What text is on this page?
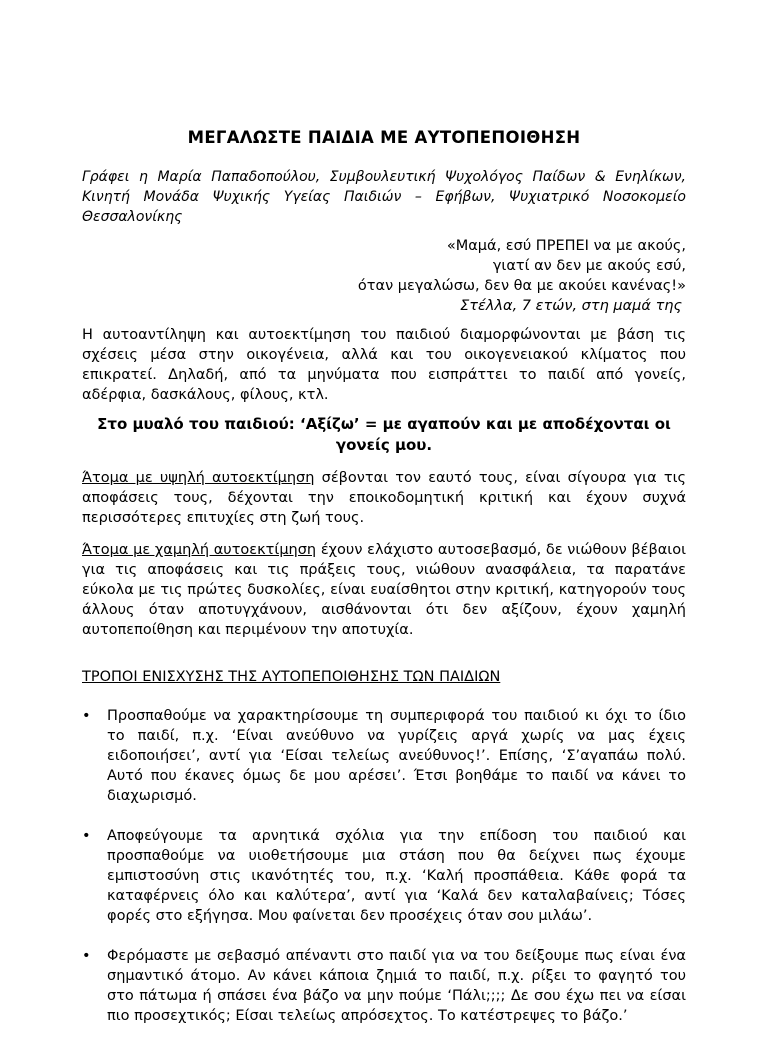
ΜΕΓΑΛΩΣΤΕ ΠΑΙΔΙΑ ΜΕ ΑΥΤΟΠΕΠΟΙΘΗΣΗ
Γράφει η Μαρία Παπαδοπούλου, Συμβουλευτική Ψυχολόγος Παίδων & Ενηλίκων, Κινητή Μονάδα Ψυχικής Υγείας Παιδιών – Εφήβων, Ψυχιατρικό Νοσοκομείο Θεσσαλονίκης
«Μαμά, εσύ ΠΡΕΠΕΙ να με ακούς,
γιατί αν δεν με ακούς εσύ,
όταν μεγαλώσω, δεν θα με ακούει κανένας!»
Στέλλα, 7 ετών, στη μαμά της

Η αυτοαντίληψη και αυτοεκτίμηση του παιδιού διαμορφώνονται με βάση τις σχέσεις μέσα στην οικογένεια, αλλά και του οικογενειακού κλίματος που επικρατεί. Δηλαδή, από τα μηνύματα που εισπράττει το παιδί από γονείς, αδέρφια, δασκάλους, φίλους, κτλ.

Στο μυαλό του παιδιού: ‘Αξίζω’ = με αγαπούν και με αποδέχονται οι γονείς μου.

Άτομα με υψηλή αυτοεκτίμηση σέβονται τον εαυτό τους, είναι σίγουρα για τις αποφάσεις τους, δέχονται την εποικοδομητική κριτική και έχουν συχνά περισσότερες επιτυχίες στη ζωή τους.

Άτομα με χαμηλή αυτοεκτίμηση έχουν ελάχιστο αυτοσεβασμό, δε νιώθουν βέβαιοι για τις αποφάσεις και τις πράξεις τους, νιώθουν ανασφάλεια, τα παρατάνε εύκολα με τις πρώτες δυσκολίες, είναι ευαίσθητοι στην κριτική, κατηγορούν τους άλλους όταν αποτυγχάνουν, αισθάνονται ότι δεν αξίζουν, έχουν χαμηλή αυτοπεποίθηση και περιμένουν την αποτυχία.

ΤΡΟΠΟΙ ΕΝΙΣΧΥΣΗΣ ΤΗΣ ΑΥΤΟΠΕΠΟΙΘΗΣΗΣ ΤΩΝ ΠΑΙΔΙΩΝ
• Προσπαθούμε να χαρακτηρίσουμε τη συμπεριφορά του παιδιού κι όχι το ίδιο το παιδί, π.χ. ‘Είναι ανεύθυνο να γυρίζεις αργά χωρίς να μας έχεις ειδοποιήσει’, αντί για ‘Είσαι τελείως ανεύθυνος!’. Επίσης, ‘Σ’αγαπάω πολύ. Αυτό που έκανες όμως δε μου αρέσει’. Έτσι βοηθάμε το παιδί να κάνει το διαχωρισμό.
• Αποφεύγουμε τα αρνητικά σχόλια για την επίδοση του παιδιού και προσπαθούμε να υιοθετήσουμε μια στάση που θα δείχνει πως έχουμε εμπιστοσύνη στις ικανότητές του, π.χ. ‘Καλή προσπάθεια. Κάθε φορά τα καταφέρνεις όλο και καλύτερα’, αντί για ‘Καλά δεν καταλαβαίνεις; Τόσες φορές στο εξήγησα. Μου φαίνεται δεν προσέχεις όταν σου μιλάω’.
• Φερόμαστε με σεβασμό απέναντι στο παιδί για να του δείξουμε πως είναι ένα σημαντικό άτομο. Αν κάνει κάποια ζημιά το παιδί, π.χ. ρίξει το φαγητό του στο πάτωμα ή σπάσει ένα βάζο να μην πούμε ‘Πάλι;;;; Δε σου έχω πει να είσαι πιο προσεχτικός; Είσαι τελείως απρόσεχτος. Το κατέστρεψες το βάζο.’
